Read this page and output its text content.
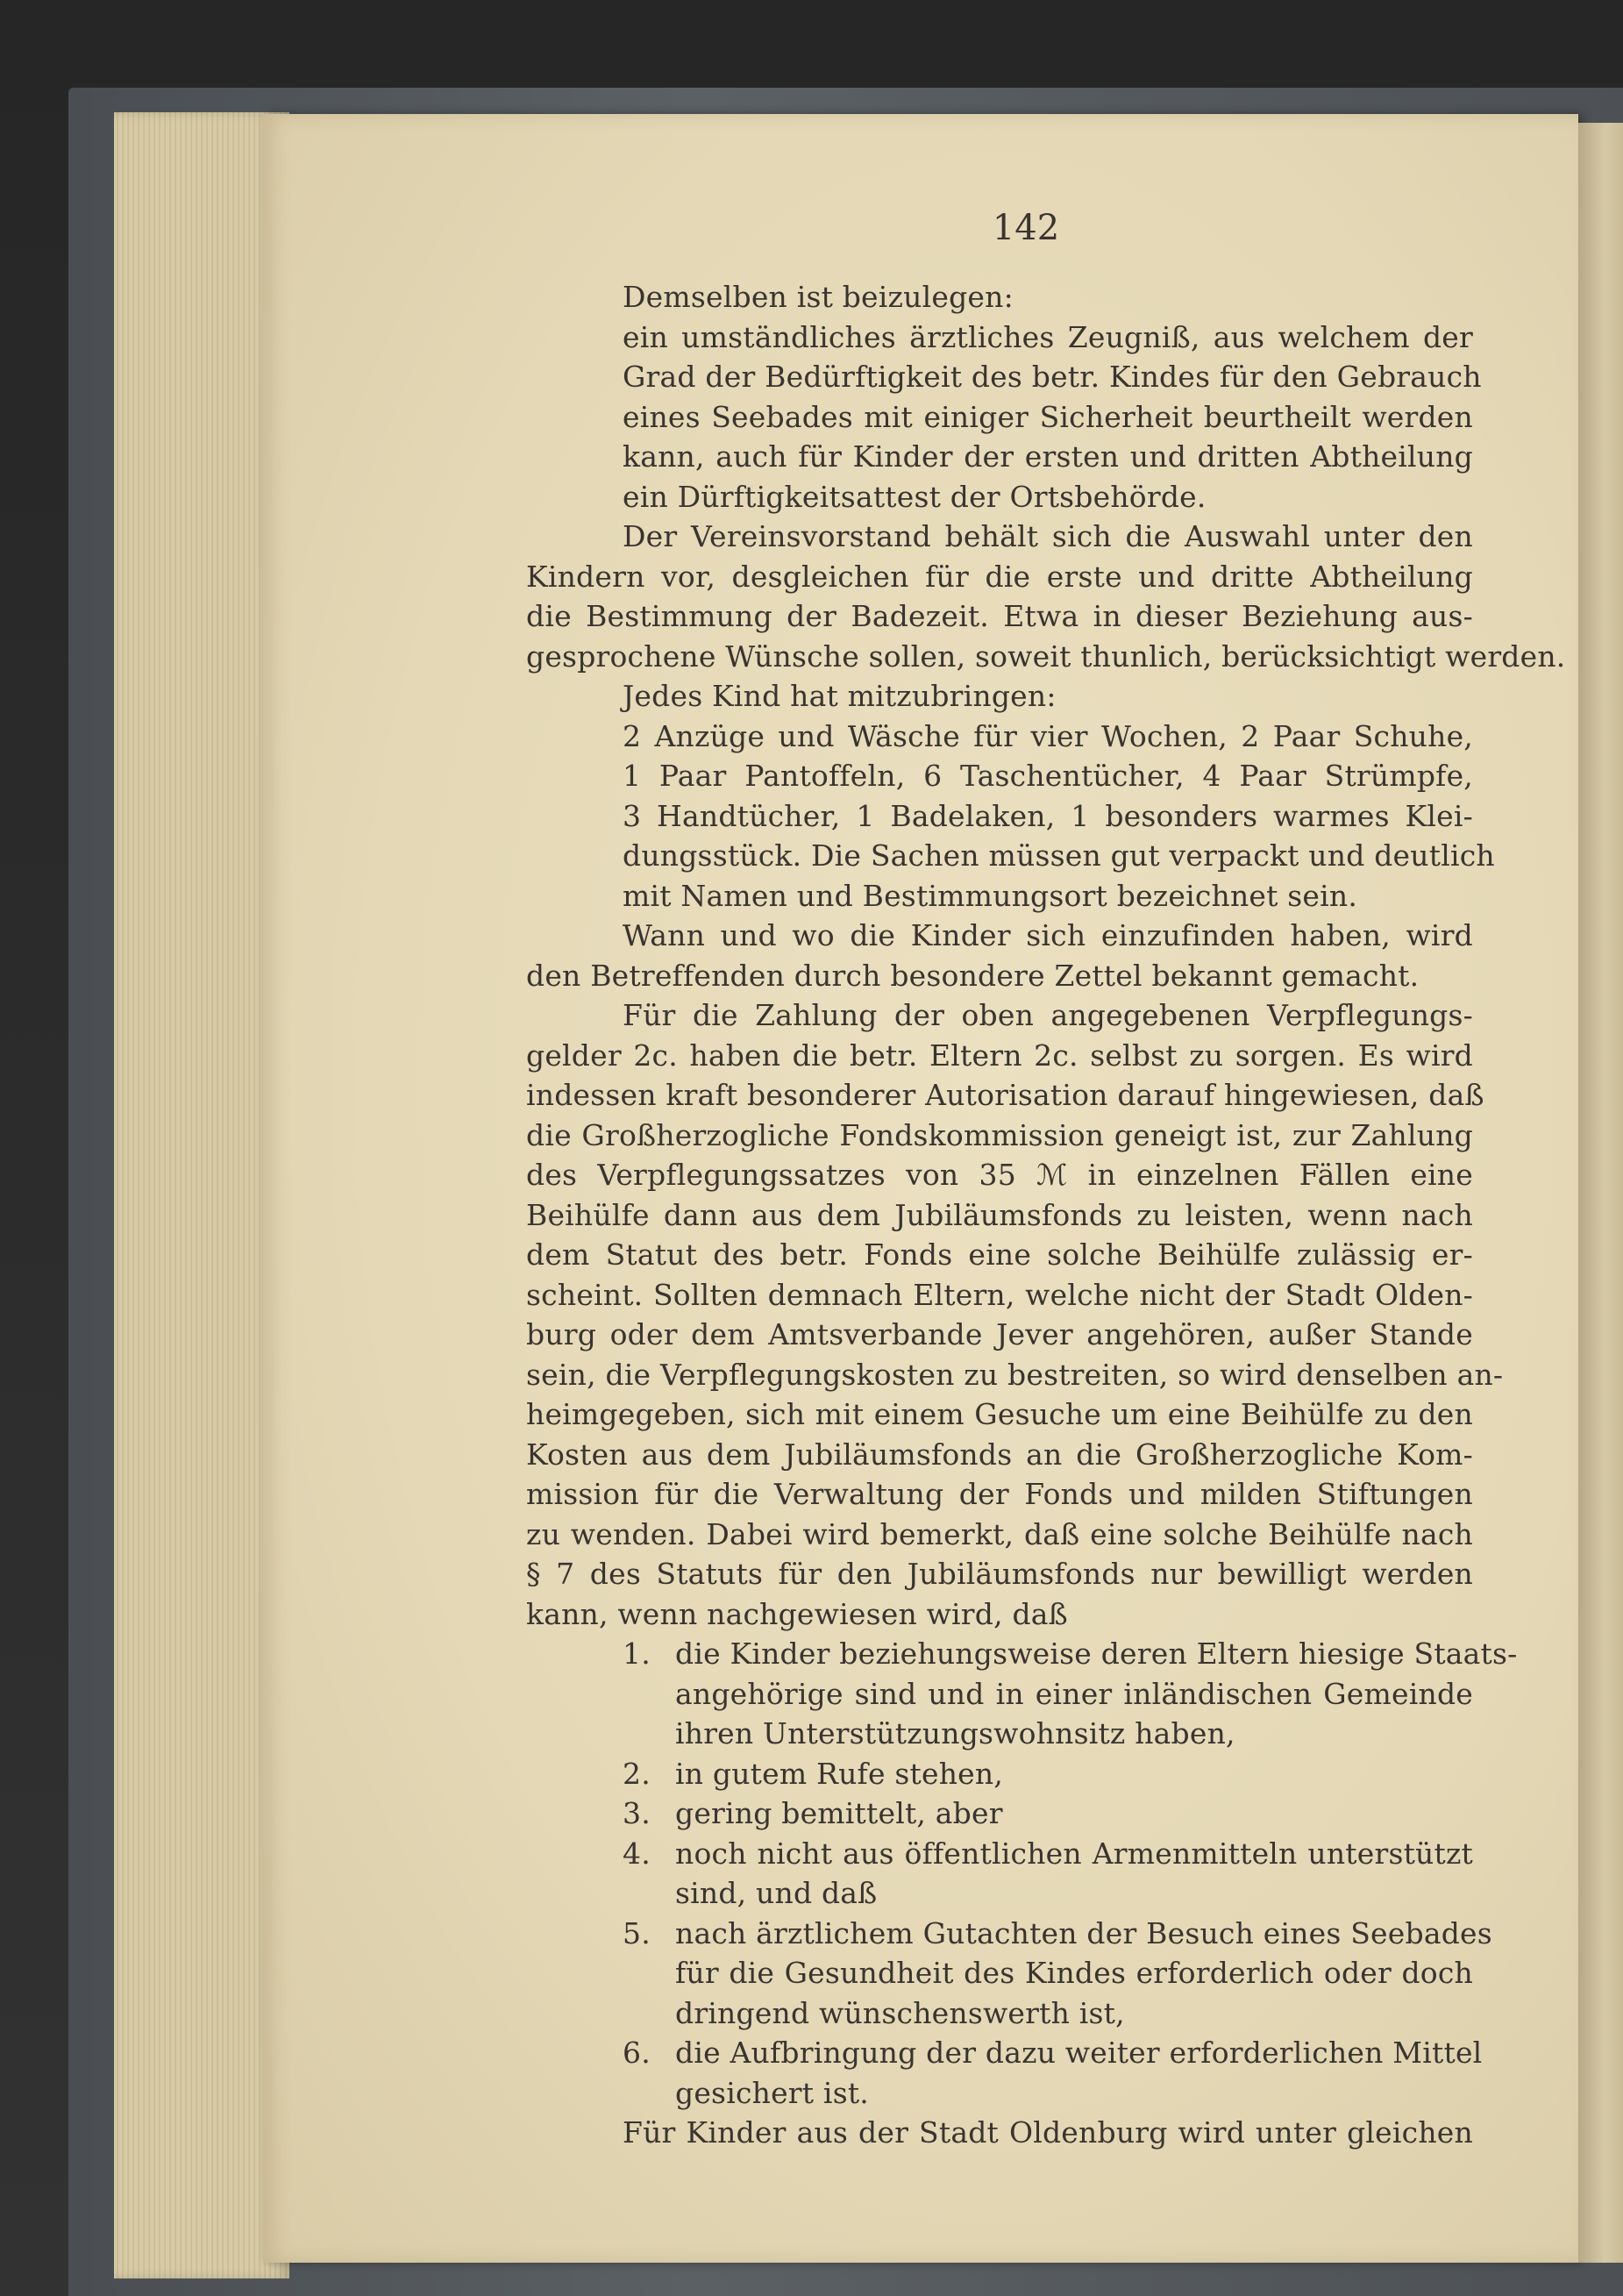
142
Demselben ist beizulegen:
ein umständliches ärztliches Zeugniß, aus welchem der
Grad der Bedürftigkeit des betr. Kindes für den Gebrauch
eines Seebades mit einiger Sicherheit beurtheilt werden
kann, auch für Kinder der ersten und dritten Abtheilung
ein Dürftigkeitsattest der Ortsbehörde.
Der Vereinsvorstand behält sich die Auswahl unter den
Kindern vor, desgleichen für die erste und dritte Abtheilung
die Bestimmung der Badezeit. Etwa in dieser Beziehung aus-
gesprochene Wünsche sollen, soweit thunlich, berücksichtigt werden.
Jedes Kind hat mitzubringen:
2 Anzüge und Wäsche für vier Wochen, 2 Paar Schuhe,
1 Paar Pantoffeln, 6 Taschentücher, 4 Paar Strümpfe,
3 Handtücher, 1 Badelaken, 1 besonders warmes Klei-
dungsstück. Die Sachen müssen gut verpackt und deutlich
mit Namen und Bestimmungsort bezeichnet sein.
Wann und wo die Kinder sich einzufinden haben, wird
den Betreffenden durch besondere Zettel bekannt gemacht.
Für die Zahlung der oben angegebenen Verpflegungs-
gelder 2c. haben die betr. Eltern 2c. selbst zu sorgen. Es wird
indessen kraft besonderer Autorisation darauf hingewiesen, daß
die Großherzogliche Fondskommission geneigt ist, zur Zahlung
des Verpflegungssatzes von 35 ℳ in einzelnen Fällen eine
Beihülfe dann aus dem Jubiläumsfonds zu leisten, wenn nach
dem Statut des betr. Fonds eine solche Beihülfe zulässig er-
scheint. Sollten demnach Eltern, welche nicht der Stadt Olden-
burg oder dem Amtsverbande Jever angehören, außer Stande
sein, die Verpflegungskosten zu bestreiten, so wird denselben an-
heimgegeben, sich mit einem Gesuche um eine Beihülfe zu den
Kosten aus dem Jubiläumsfonds an die Großherzogliche Kom-
mission für die Verwaltung der Fonds und milden Stiftungen
zu wenden. Dabei wird bemerkt, daß eine solche Beihülfe nach
§ 7 des Statuts für den Jubiläumsfonds nur bewilligt werden
kann, wenn nachgewiesen wird, daß
1. die Kinder beziehungsweise deren Eltern hiesige Staats-
angehörige sind und in einer inländischen Gemeinde
ihren Unterstützungswohnsitz haben,
2. in gutem Rufe stehen,
3. gering bemittelt, aber
4. noch nicht aus öffentlichen Armenmitteln unterstützt
sind, und daß
5. nach ärztlichem Gutachten der Besuch eines Seebades
für die Gesundheit des Kindes erforderlich oder doch
dringend wünschenswerth ist,
6. die Aufbringung der dazu weiter erforderlichen Mittel
gesichert ist.
Für Kinder aus der Stadt Oldenburg wird unter gleichen
